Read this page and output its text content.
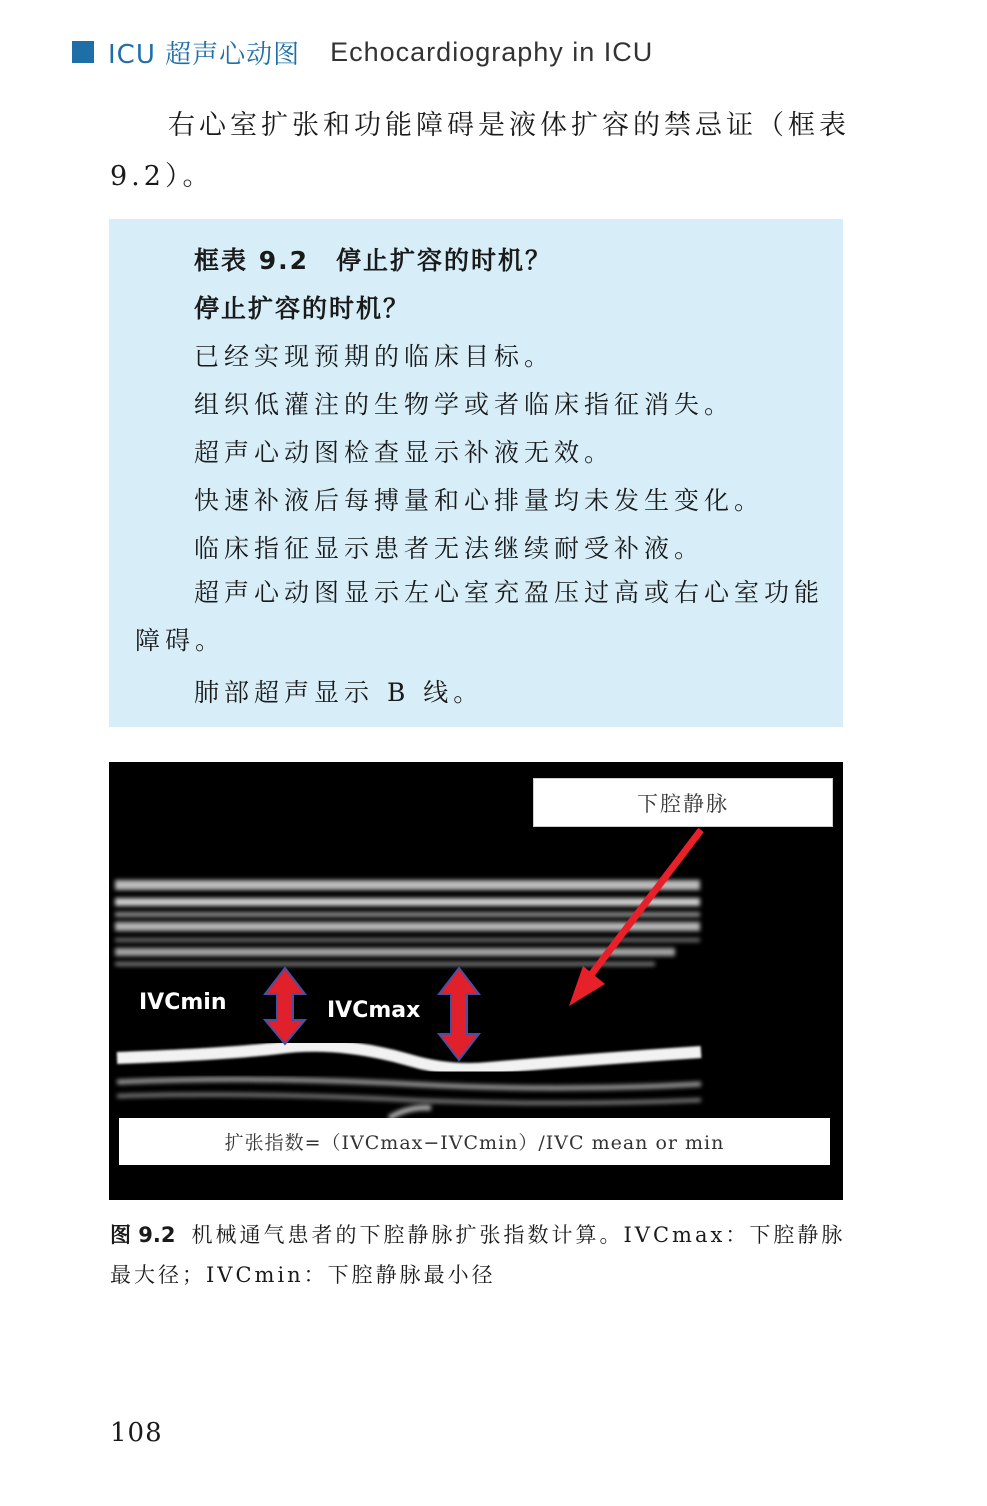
ICU 超声心动图 Echocardiography in ICU
右心室扩张和功能障碍是液体扩容的禁忌证（框表 9.2）。
框表 9.2　停止扩容的时机？
停止扩容的时机？
已经实现预期的临床目标。
组织低灌注的生物学或者临床指征消失。
超声心动图检查显示补液无效。
快速补液后每搏量和心排量均未发生变化。
临床指征显示患者无法继续耐受补液。
超声心动图显示左心室充盈压过高或右心室功能障碍。
肺部超声显示 B 线。
下腔静脉
IVCmin	IVCmax
扩张指数=（IVCmax−IVCmin）/IVC mean or min
图 9.2 机械通气患者的下腔静脉扩张指数计算。IVCmax：下腔静脉最大径；IVCmin：下腔静脉最小径
108
